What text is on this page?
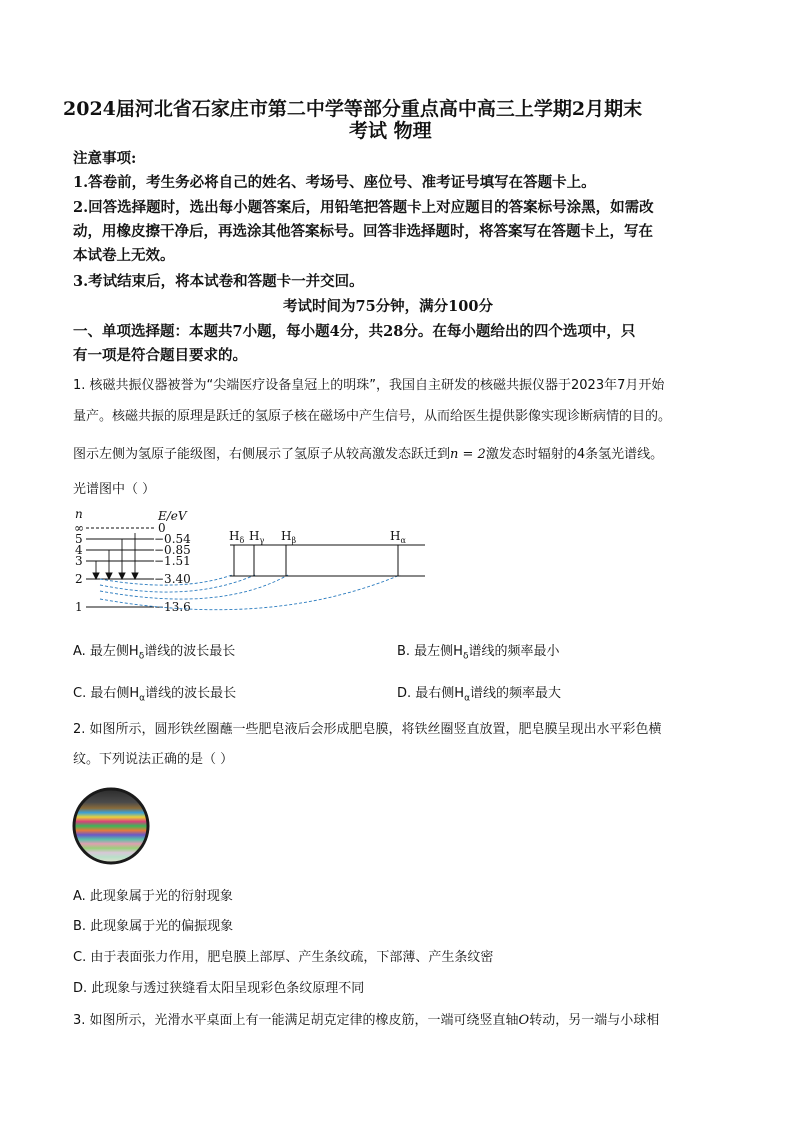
2024届河北省石家庄市第二中学等部分重点高中高三上学期2月期末
考试 物理
注意事项:
1.答卷前，考生务必将自己的姓名、考场号、座位号、准考证号填写在答题卡上。
2.回答选择题时，选出每小题答案后，用铅笔把答题卡上对应题目的答案标号涂黑，如需改
动，用橡皮擦干净后，再选涂其他答案标号。回答非选择题时，将答案写在答题卡上，写在
本试卷上无效。
3.考试结束后，将本试卷和答题卡一并交回。
考试时间为75分钟，满分100分
一、单项选择题：本题共7小题，每小题4分，共28分。在每小题给出的四个选项中，只
有一项是符合题目要求的。
1. 核磁共振仪器被誉为“尖端医疗设备皇冠上的明珠”，我国自主研发的核磁共振仪器于2023年7月开始
量产。核磁共振的原理是跃迁的氢原子核在磁场中产生信号，从而给医生提供影像实现诊断病情的目的。
图示左侧为氢原子能级图，右侧展示了氢原子从较高激发态跃迁到n = 2激发态时辐射的4条氢光谱线。
光谱图中（ ）
n	E/eV
∞
5
4
3
2
1
0
−0.54
−0.85
−1.51
−3.40
−13.6
$H_\delta$ $H_\gamma$ $H_\beta$	$H_\alpha$
A. 最左侧$H_\delta$谱线的波长最长	B. 最左侧$H_\delta$谱线的频率最小
C. 最右侧$H_\alpha$谱线的波长最长	D. 最右侧$H_\alpha$谱线的频率最大
2. 如图所示，圆形铁丝圈蘸一些肥皂液后会形成肥皂膜，将铁丝圈竖直放置，肥皂膜呈现出水平彩色横
纹。下列说法正确的是（ ）
A. 此现象属于光的衍射现象
B. 此现象属于光的偏振现象
C. 由于表面张力作用，肥皂膜上部厚、产生条纹疏，下部薄、产生条纹密
D. 此现象与透过狭缝看太阳呈现彩色条纹原理不同
3. 如图所示，光滑水平桌面上有一能满足胡克定律的橡皮筋，一端可绕竖直轴O转动，另一端与小球相
